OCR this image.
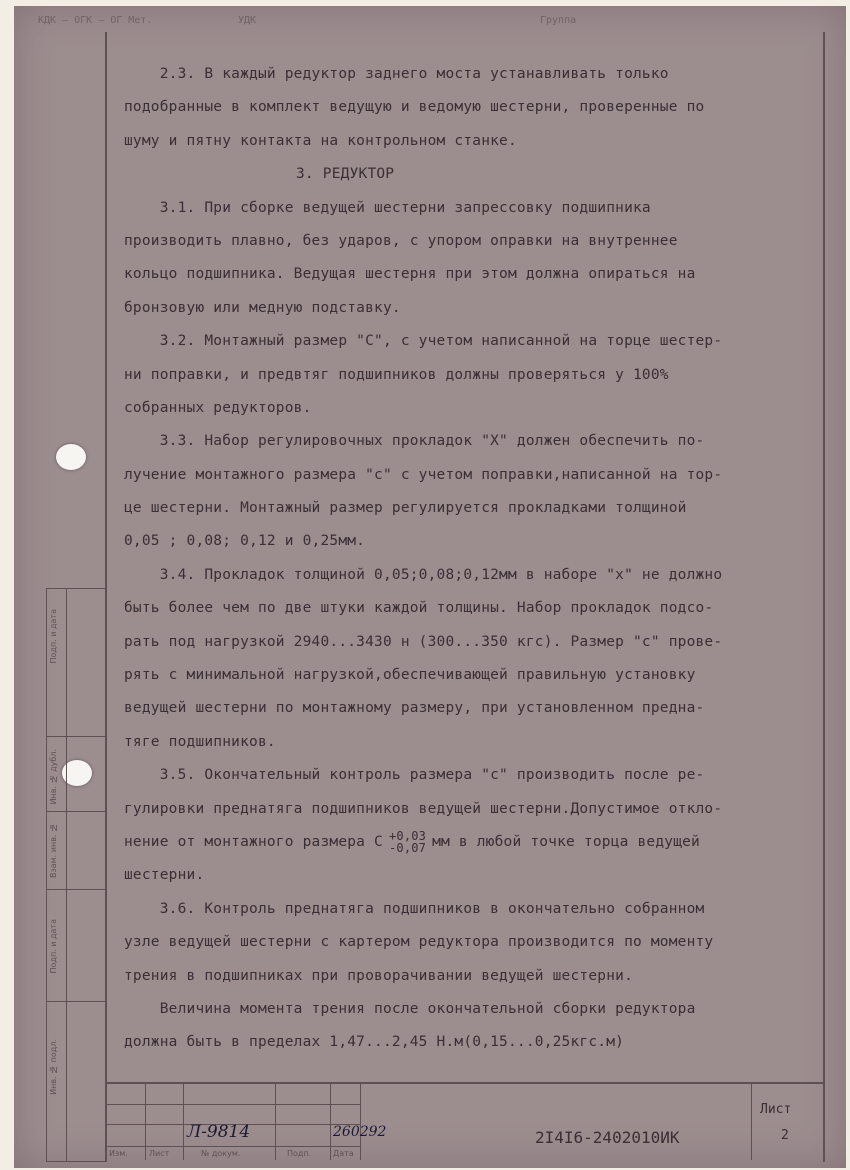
КДК – ОГК – ОГ Мет.	УДК	Группа
2.3. В каждый редуктор заднего моста устанавливать только
подобранные в комплект ведущую и ведомую шестерни, проверенные по
шуму и пятну контакта на контрольном станке.
3. РЕДУКТОР
3.1. При сборке ведущей шестерни запрессовку подшипника
производить плавно, без ударов, с упором оправки на внутреннее
кольцо подшипника. Ведущая шестерня при этом должна опираться на
бронзовую или медную подставку.
3.2. Монтажный размер "С", с учетом написанной на торце шестер-
ни поправки, и предвтяг подшипников должны проверяться у 100%
собранных редукторов.
3.3. Набор регулировочных прокладок "Х" должен обеспечить по-
лучение монтажного размера "с" с учетом поправки,написанной на тор-
це шестерни. Монтажный размер регулируется прокладками толщиной
0,05 ; 0,08; 0,12 и 0,25мм.
3.4. Прокладок толщиной 0,05;0,08;0,12мм в наборе "х" не должно
быть более чем по две штуки каждой толщины. Набор прокладок подсо-
рать под нагрузкой 2940...3430 н (300...350 кгс). Размер "с" прове-
рять с минимальной нагрузкой,обеспечивающей правильную установку
ведущей шестерни по монтажному размеру, при установленном предна-
тяге подшипников.
3.5. Окончательный контроль размера "с" производить после ре-
гулировки преднатяга подшипников ведущей шестерни.Допустимое откло-
нение от монтажного размера С +0,03
-0,07 мм в любой точке торца ведущей
шестерни.
3.6. Контроль преднатяга подшипников в окончательно собранном
узле ведущей шестерни с картером редуктора производится по моменту
трения в подшипниках при проворачивании ведущей шестерни.
Величина момента трения после окончательной сборки редуктора
должна быть в пределах 1,47...2,45 Н.м(0,15...0,25кгс.м)
Подп. и дата
Инв. № дубл.
Взам. инв. №
Подп. и дата
Инв. № подл.
Изм.	Лист	№ докум.	Подп.	Дата
Л-9814	260292	2I4I6-2402010ИК
Лист
2
